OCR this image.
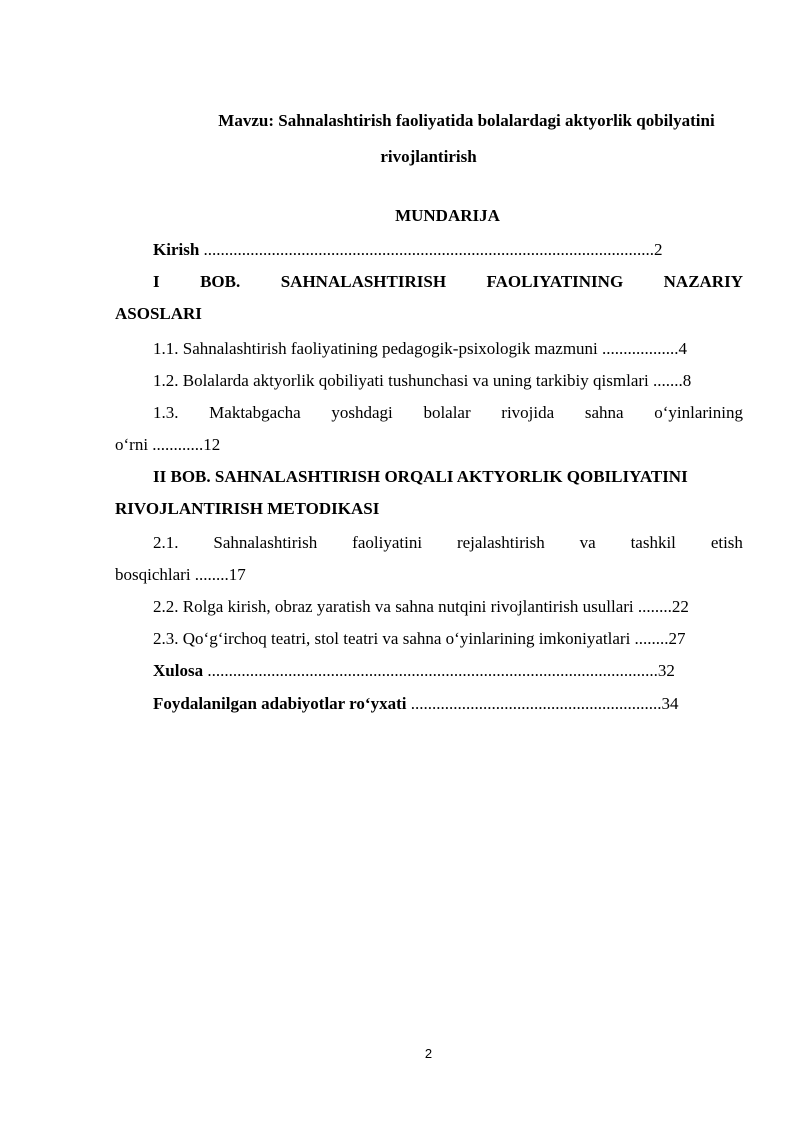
Mavzu: Sahnalashtirish faoliyatida bolalardagi aktyorlik qobilyatini
rivojlantirish
MUNDARIJA
Kirish ..........................................................................................................2
I BOB. SAHNALASHTIRISH FAOLIYATINING NAZARIY
ASOSLARI
1.1. Sahnalashtirish faoliyatining pedagogik-psixologik mazmuni ..................4
1.2. Bolalarda aktyorlik qobiliyati tushunchasi va uning tarkibiy qismlari .......8
1.3. Maktabgacha yoshdagi bolalar rivojida sahna o‘yinlarining
o‘rni ............12
II BOB. SAHNALASHTIRISH ORQALI AKTYORLIK QOBILIYATINI
RIVOJLANTIRISH METODIKASI
2.1. Sahnalashtirish faoliyatini rejalashtirish va tashkil etish
bosqichlari ........17
2.2. Rolga kirish, obraz yaratish va sahna nutqini rivojlantirish usullari ........22
2.3. Qo‘g‘irchoq teatri, stol teatri va sahna o‘yinlarining imkoniyatlari ........27
Xulosa ..........................................................................................................32
Foydalanilgan adabiyotlar ro‘yxati ...........................................................34
2
